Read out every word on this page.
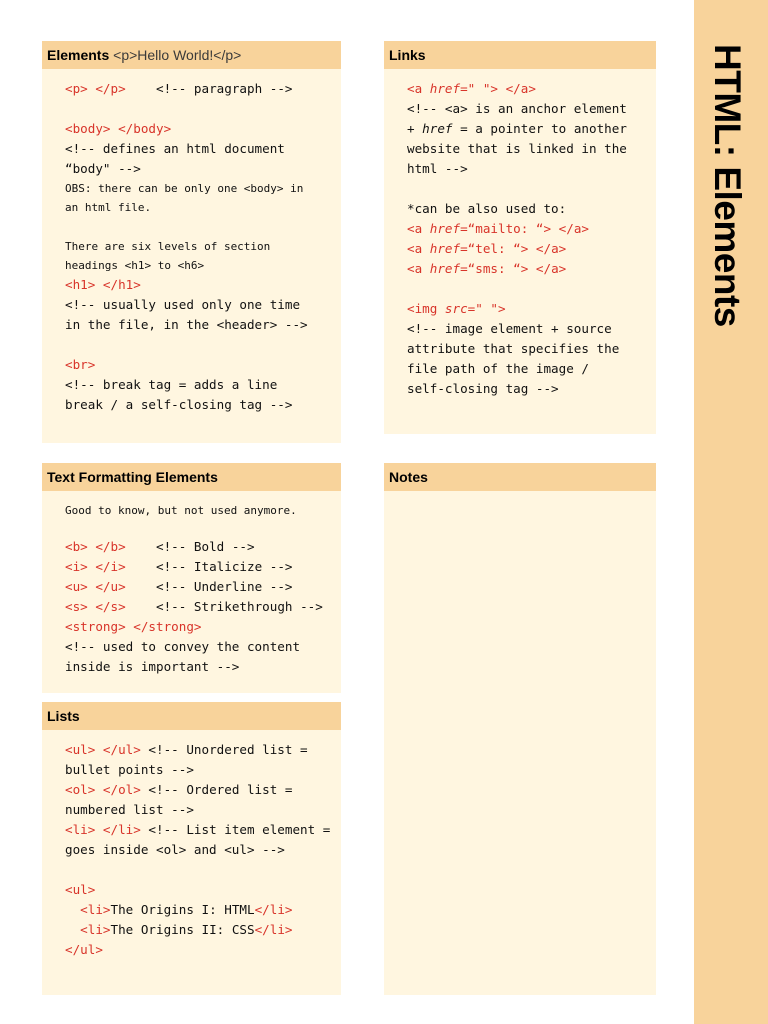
HTML: Elements
Elements <p>Hello World!</p>
<p> </p> <!-- paragraph -->
<body> </body>
<!-- defines an html document
“body" -->
OBS: there can be only one <body> in
an html file.
There are six levels of section
headings <h1> to <h6>
<h1> </h1>
<!-- usually used only one time
in the file, in the <header> -->
<br>
<!-- break tag = adds a line
break / a self-closing tag -->
Links
<a href=" "> </a>
<!-- <a> is an anchor element
+ href = a pointer to another
website that is linked in the
html -->
*can be also used to:
<a href=“mailto: “> </a>
<a href=“tel: “> </a>
<a href=“sms: “> </a>
<img src=" ">
<!-- image element + source
attribute that specifies the
file path of the image /
self-closing tag -->
Text Formatting Elements
Good to know, but not used anymore.
<b> </b> <!-- Bold -->
<i> </i> <!-- Italicize -->
<u> </u> <!-- Underline -->
<s> </s> <!-- Strikethrough -->
<strong> </strong>
<!-- used to convey the content
inside is important -->
Notes
Lists
<ul> </ul> <!-- Unordered list =
bullet points -->
<ol> </ol> <!-- Ordered list =
numbered list -->
<li> </li> <!-- List item element =
goes inside <ol> and <ul> -->
<ul>
<li>The Origins I: HTML</li>
<li>The Origins II: CSS</li>
</ul>
